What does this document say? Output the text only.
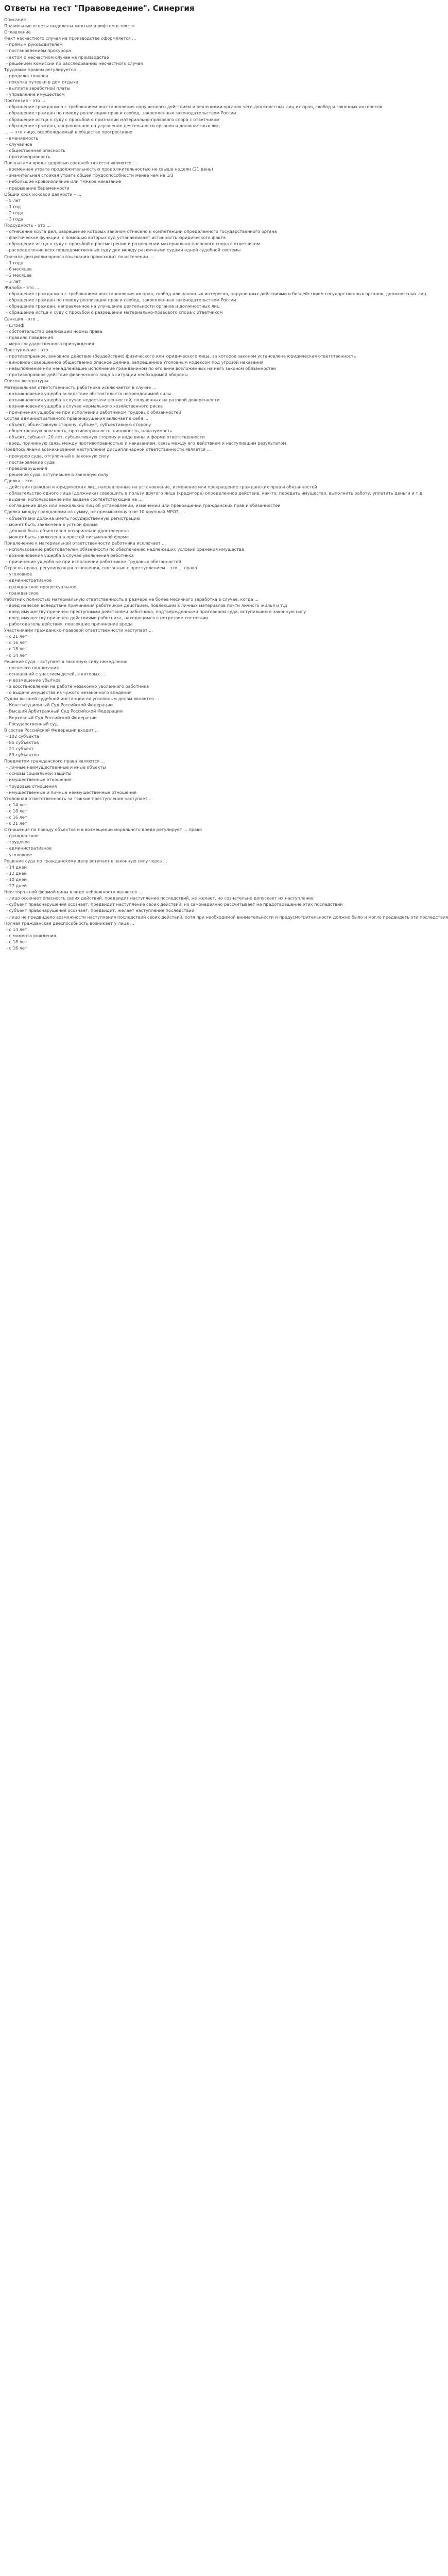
Ответы на тест "Правоведение". Синергия
Описание
Правильные ответы выделены желтым шрифтом в тексте.
Оглавление
Факт несчастного случая на производстве оформляется ...
- прямым руководителем
- постановлением прокурора
- актом о несчастном случае на производстве
- решением комиссии по расследованию несчастного случая
Трудовым правом регулируется ...
- продажа товаров
- покупка путевки в дом отдыха
- выплата заработной платы
- управление имуществом
Претензия – это ...
- обращение гражданина с требованием восстановления нарушенного действием и решениями органов чего должностных лиц их прав, свобод и законных интересов
- обращение граждан по поводу реализации прав и свобод, закрепленных законодательством России
- обращение истца к суду с просьбой о признании материально-правового спора с ответчиком
- обращение граждан, направленное на улучшение деятельности органов и должностных лиц
... — это лицо, освобождаемый в обществе прогрессивно
- вменяемость
- случайное
- общественная опасность
- противоправность
Признаками вреда здоровью средней тяжести являются ...
- временная утрата продолжительностью продолжительностью не свыше недели (21 день)
- значительная стойкая утрата общей трудоспособности менее чем на 1/3
- небольшое кровоизлияние или тяжкое наказание
- прерывание беременности
Общий срок исковой давности – ...
- 5 лет
- 1 год
- 2 года
- 3 года
Подсудность – это ...
- отнесение круга дел, разрешение которых законом отнесено к компетенции определенного государственного органа
- фактическое функции, с помощью которых суд устанавливает истинность юридического факта
- обращение истца к суду с просьбой о рассмотрении и разрешении материально-правового спора с ответчиком
- распределение всех подведомственных суду дел между различными судами одной судебной системы
Сначала дисциплинарного взыскания происходит по истечении ...
- 1 года
- 6 месяцев
- 2 месяцев
- 3 лет
Жалоба – это ...
- обращение гражданина с требованием восстановления их прав, свобод или законных интересов, нарушенных действиями и бездействием государственных органов, должностных лиц
- обращение граждан по поводу реализации прав и свобод, закрепленных законодательством России
- обращение граждан, направленное на улучшение деятельности органов и должностных лиц
- обращение истца к суду с просьбой о разрешении материально-правового спора с ответчиком
Санкция – это ...
- штраф
- обстоятельство реализации нормы права
- правило поведения
- мера государственного принуждения
Преступление – это ...
- противоправное, виновное действие (бездействие) физического или юридического лица, за которое законом установлена юридическая ответственность
- виновное совершенное общественно опасное деяние, запрещенное Уголовным кодексом под угрозой наказания
- невыполнение или ненадлежащее исполнение гражданином по его вине возложенных на него законом обязанностей
- противоправное действие физического лица в ситуации необходимой обороны
Список литературы
Материальная ответственность работника исключается в случае ...
- возникновения ущерба вследствие обстоятельств непреодолимой силы
- возникновения ущерба в случае недостачи ценностей, полученных на разовой доверенности
- возникновения ущерба в случае нормального хозяйственного риска
- причинения ущерба не при исполнении работником трудовых обязанностей
Состав административного правонарушения включает в себя ...
- объект, объективную сторону, субъект, субъективную сторону
- общественную опасность, противоправность, виновность, наказуемость
- объект, субъект, 20 лет, субъективную сторону и виде вины и форме ответственности
- вред, причинную связь между противоправностью и наказанием, связь между его действием и наступившим результатом
Предпосылками возникновения наступления дисциплинарной ответственности является ...
- прокурор суда, отгулочный в законную силу
- постановление суда
- правонарушения
- решение суда, вступившее в законную силу
Сделка – это ...
- действия граждан и юридических лиц, направленные на установление, изменение или прекращение гражданских прав и обязанностей
- обязательство одного лица (должника) совершить в пользу другого лица (кредитора) определенное действие, как-то: передать имущество, выполнить работу, уплатить деньги и т.д.
- выдача, использование или выдача соответствующие на ...
- соглашение двух или нескольких лиц об установлении, изменении или прекращении гражданских прав и обязанностей
Сделка между гражданами на сумму, не превышающую не 10 крупный МРОТ, ...
- объективно должна иметь государственную регистрацию
- может быть заключена в устной форме
- должна быть объективно нотариально удостоверена
- может быть заключена в простой письменной форме
Привлечение к материальной ответственности работника исключает ...
- использование работодателем обязанности по обеспечению надлежащих условий хранения имущества
- возникновения ущерба в случае увольнения работника
- причинение ущерба не при исполнении работником трудовых обязанностей
Отрасль права, регулирующая отношения, связанные с преступлением – это ... право
- уголовное
- административное
- гражданское процессуальное
- гражданское
Работник полностью материальную ответственность в размере не более месячного заработка в случае, когда ...
- вред нанесен вследствие причинения работником действием, повлекшим в личных материалов почти личного жилья и т.д
- вред имуществу причинен преступными действиями работника, подтвержденными приговором суда, вступившим в законную силу
- вред имуществу причинен действиями работника, находящимся в нетрезвом состоянии
- работодатель действия, повлекшие причинение вреда
Участниками гражданско-правовой ответственности наступает ...
- с 21 лет
- с 16 лет
- с 18 лет
- с 14 лет
Решение суда – вступает в законную силу немедленно
- после его подписания
- отношений с участием детей, в которых ...
- и возмещение убытков
- з восстановлении на работе незаконно уволенного работника
- о выдаче имущества из чужого незаконного владения
Судом высшей судебной инстанции по уголовным делам является ...
- Конституционный Суд Российской Федерации
- Высший Арбитражный Суд Российской Федерации
- Верховный Суд Российской Федерации
- Государственный суд
В состав Российской Федерации входит ...
- 102 субъекта
- 85 субъектов
- 21 субъект
- 89 субъектов
Предметом гражданского права являются ...
- личные неимущественные и иные объекты
- основы социальной защиты
- имущественные отношения
- трудовые отношения
- имущественные и личные неимущественные отношения
Уголовная ответственность за тяжкие преступления наступает ...
- с 14 лет
- с 18 лет
- с 16 лет
- с 21 лет
Отношения по поводу объектов и в возмещении морального вреда регулирует ... право
- гражданское
- трудовое
- административное
- уголовное
Решение суда по гражданскому делу вступает в законную силу через ...
- 14 дней
- 12 дней
- 10 дней
- 27 дней
Неосторожной формой вины в виде небрежности является ...
- лицо осознает опасность своих действий, предвидит наступление последствий, не желает, но сознательно допускает их наступление
- субъект правонарушения осознает, предвидит наступление своих действий, но самонадеянно рассчитывает на предотвращение этих последствий
- субъект правонарушения осознает, предвидит, желает наступления последствий
- лицо не предвидело возможности наступления последствий своих действий, хотя при необходимой внимательности и предусмотрительности должно было и могло предвидеть эти последствия
Полная гражданская дееспособность возникает у лица ...
- с 14 лет
- с момента рождения
- с 18 лет
- с 16 лет
